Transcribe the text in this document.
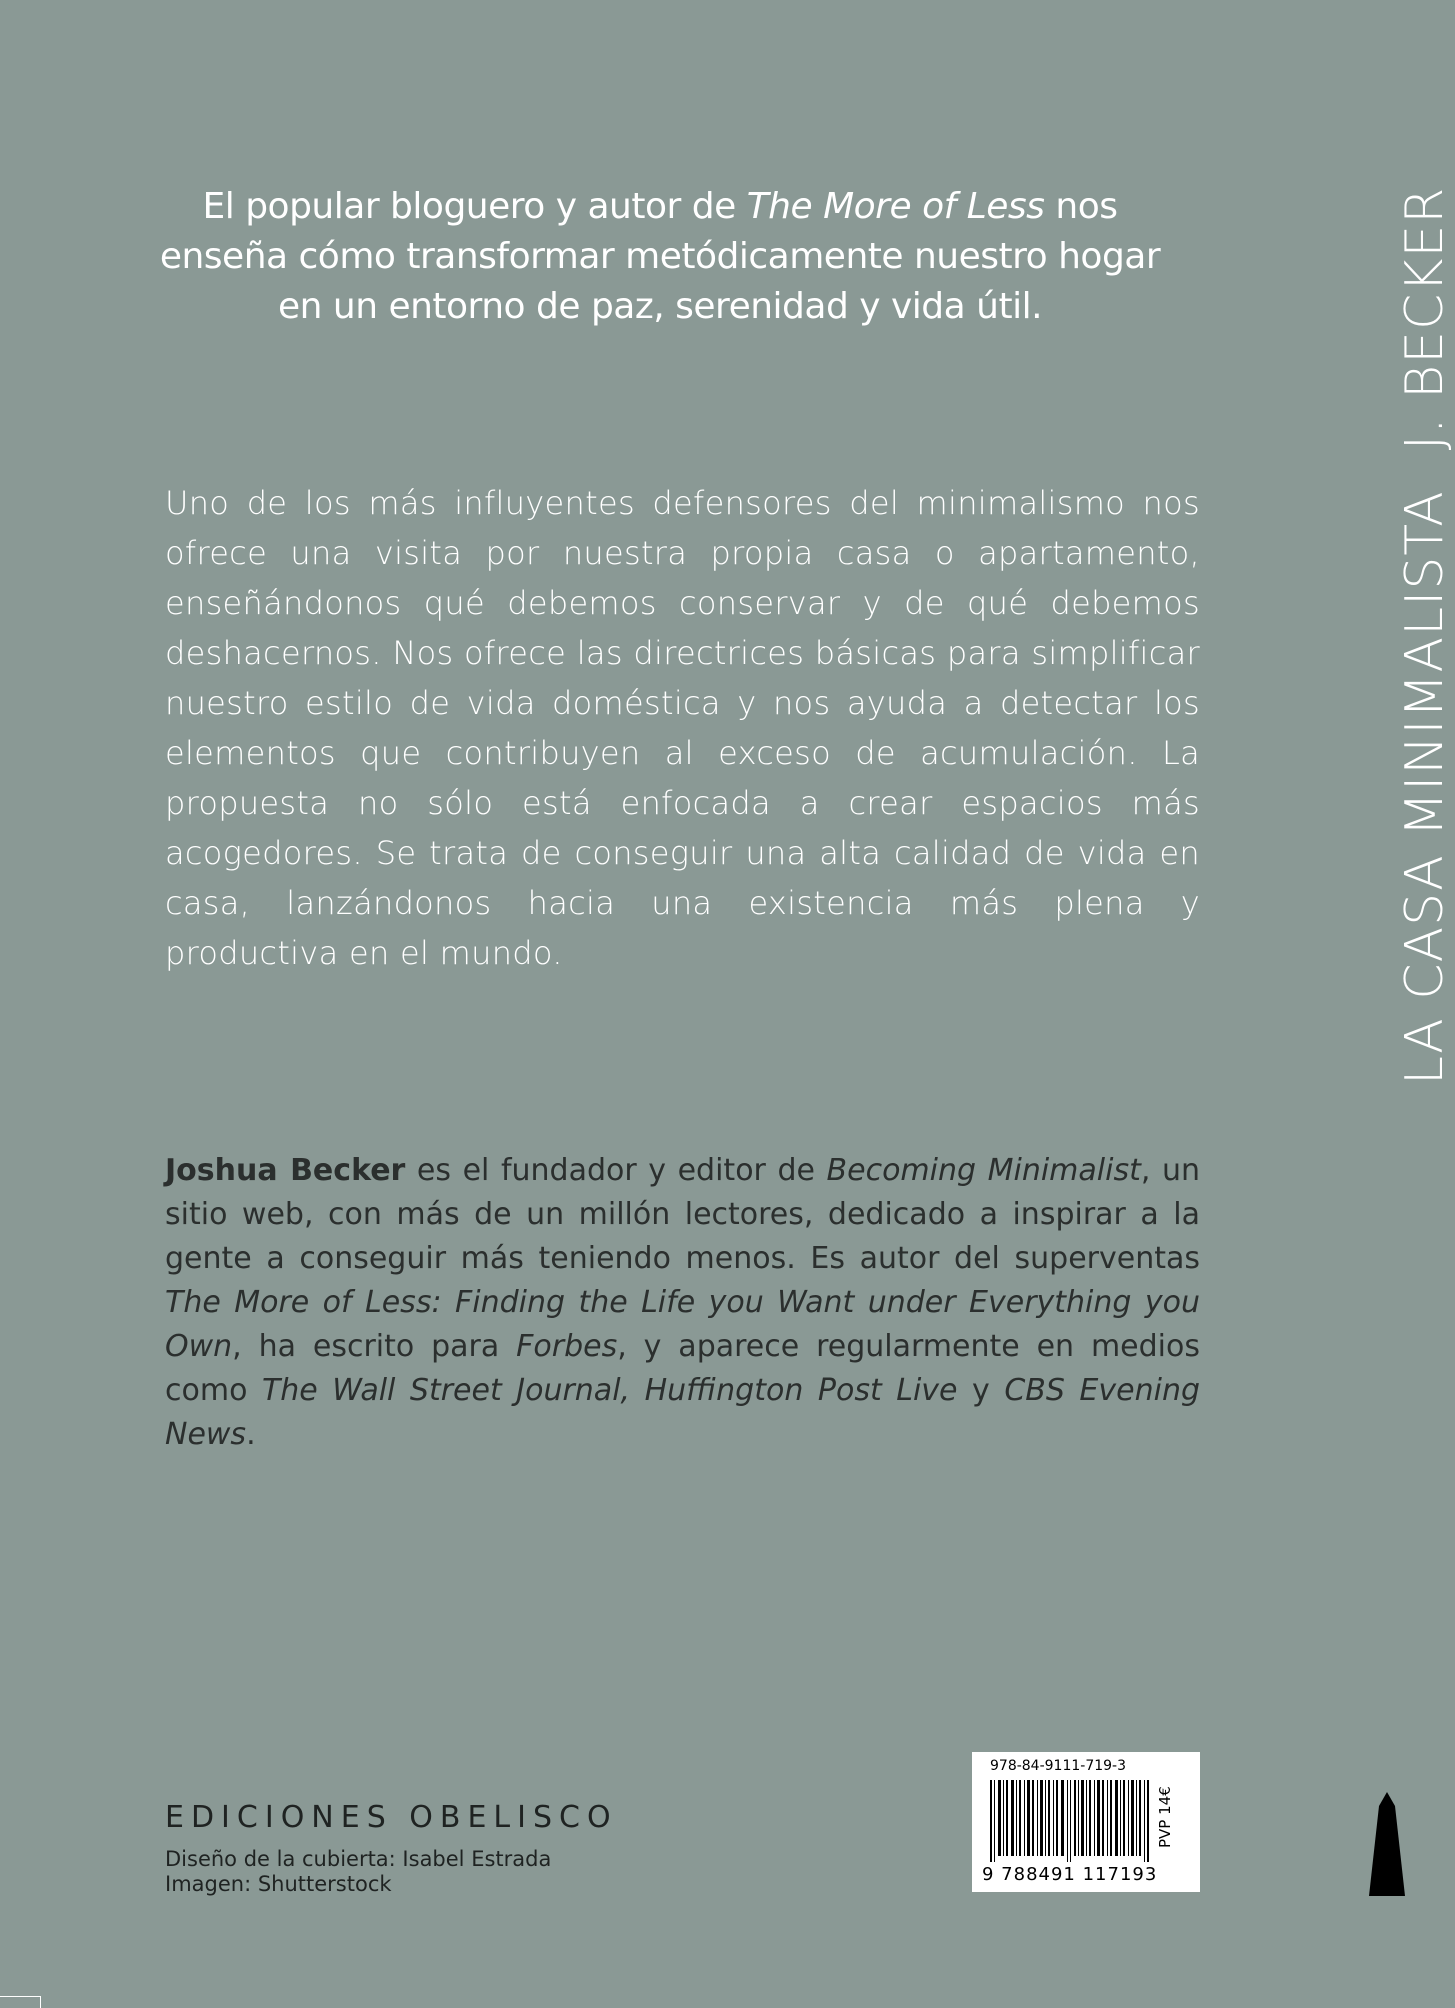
El popular bloguero y autor de The More of Less nos enseña cómo transformar metódicamente nuestro hogar en un entorno de paz, serenidad y vida útil.
Uno de los más influyentes defensores del minimalismo nos ofrece una visita por nuestra propia casa o apartamento, enseñándonos qué debemos conservar y de qué debemos deshacernos. Nos ofrece las directrices básicas para simplificar nuestro estilo de vida doméstica y nos ayuda a detectar los elementos que contribuyen al exceso de acumulación. La propuesta no sólo está enfocada a crear espacios más acogedores. Se trata de conseguir una alta calidad de vida en casa, lanzándonos hacia una existencia más plena y productiva en el mundo.
Joshua Becker es el fundador y editor de Becoming Minimalist, un sitio web, con más de un millón lectores, dedicado a inspirar a la gente a conseguir más teniendo menos. Es autor del superventas The More of Less: Finding the Life you Want under Everything you Own, ha escrito para Forbes, y aparece regularmente en medios como The Wall Street Journal, Huffington Post Live y CBS Evening News.
LA CASA MINIMALISTAJ. BECKER
EDICIONES OBELISCO
Diseño de la cubierta: Isabel Estrada
Imagen: Shutterstock
978-84-9111-719-3
9 788491 117193
PVP 14€
